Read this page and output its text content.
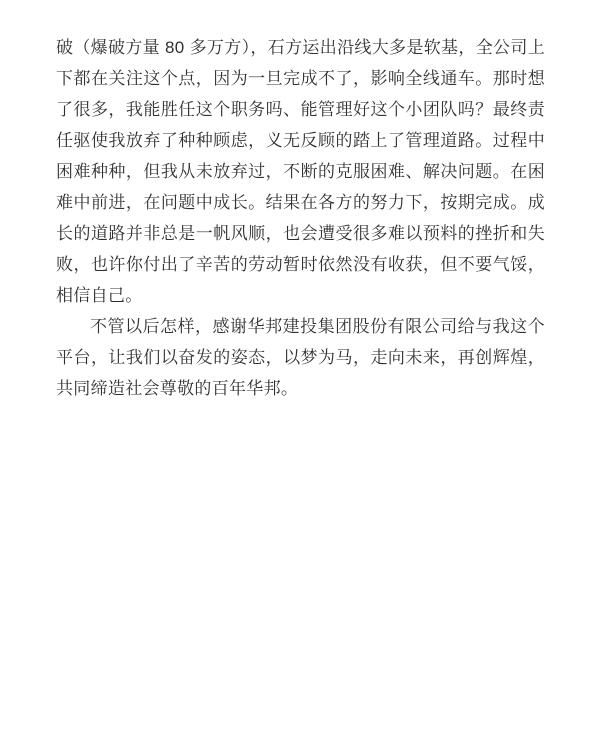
破（爆破方量 80 多万方），石方运出沿线大多是软基，全公司上下都在关注这个点，因为一旦完成不了，影响全线通车。那时想了很多，我能胜任这个职务吗、能管理好这个小团队吗？最终责任驱使我放弃了种种顾虑，义无反顾的踏上了管理道路。过程中困难种种，但我从未放弃过，不断的克服困难、解决问题。在困难中前进，在问题中成长。结果在各方的努力下，按期完成。成长的道路并非总是一帆风顺，也会遭受很多难以预料的挫折和失败，也许你付出了辛苦的劳动暂时依然没有收获，但不要气馁，相信自己。

不管以后怎样，感谢华邦建投集团股份有限公司给与我这个平台，让我们以奋发的姿态，以梦为马，走向未来，再创辉煌，共同缔造社会尊敬的百年华邦。
